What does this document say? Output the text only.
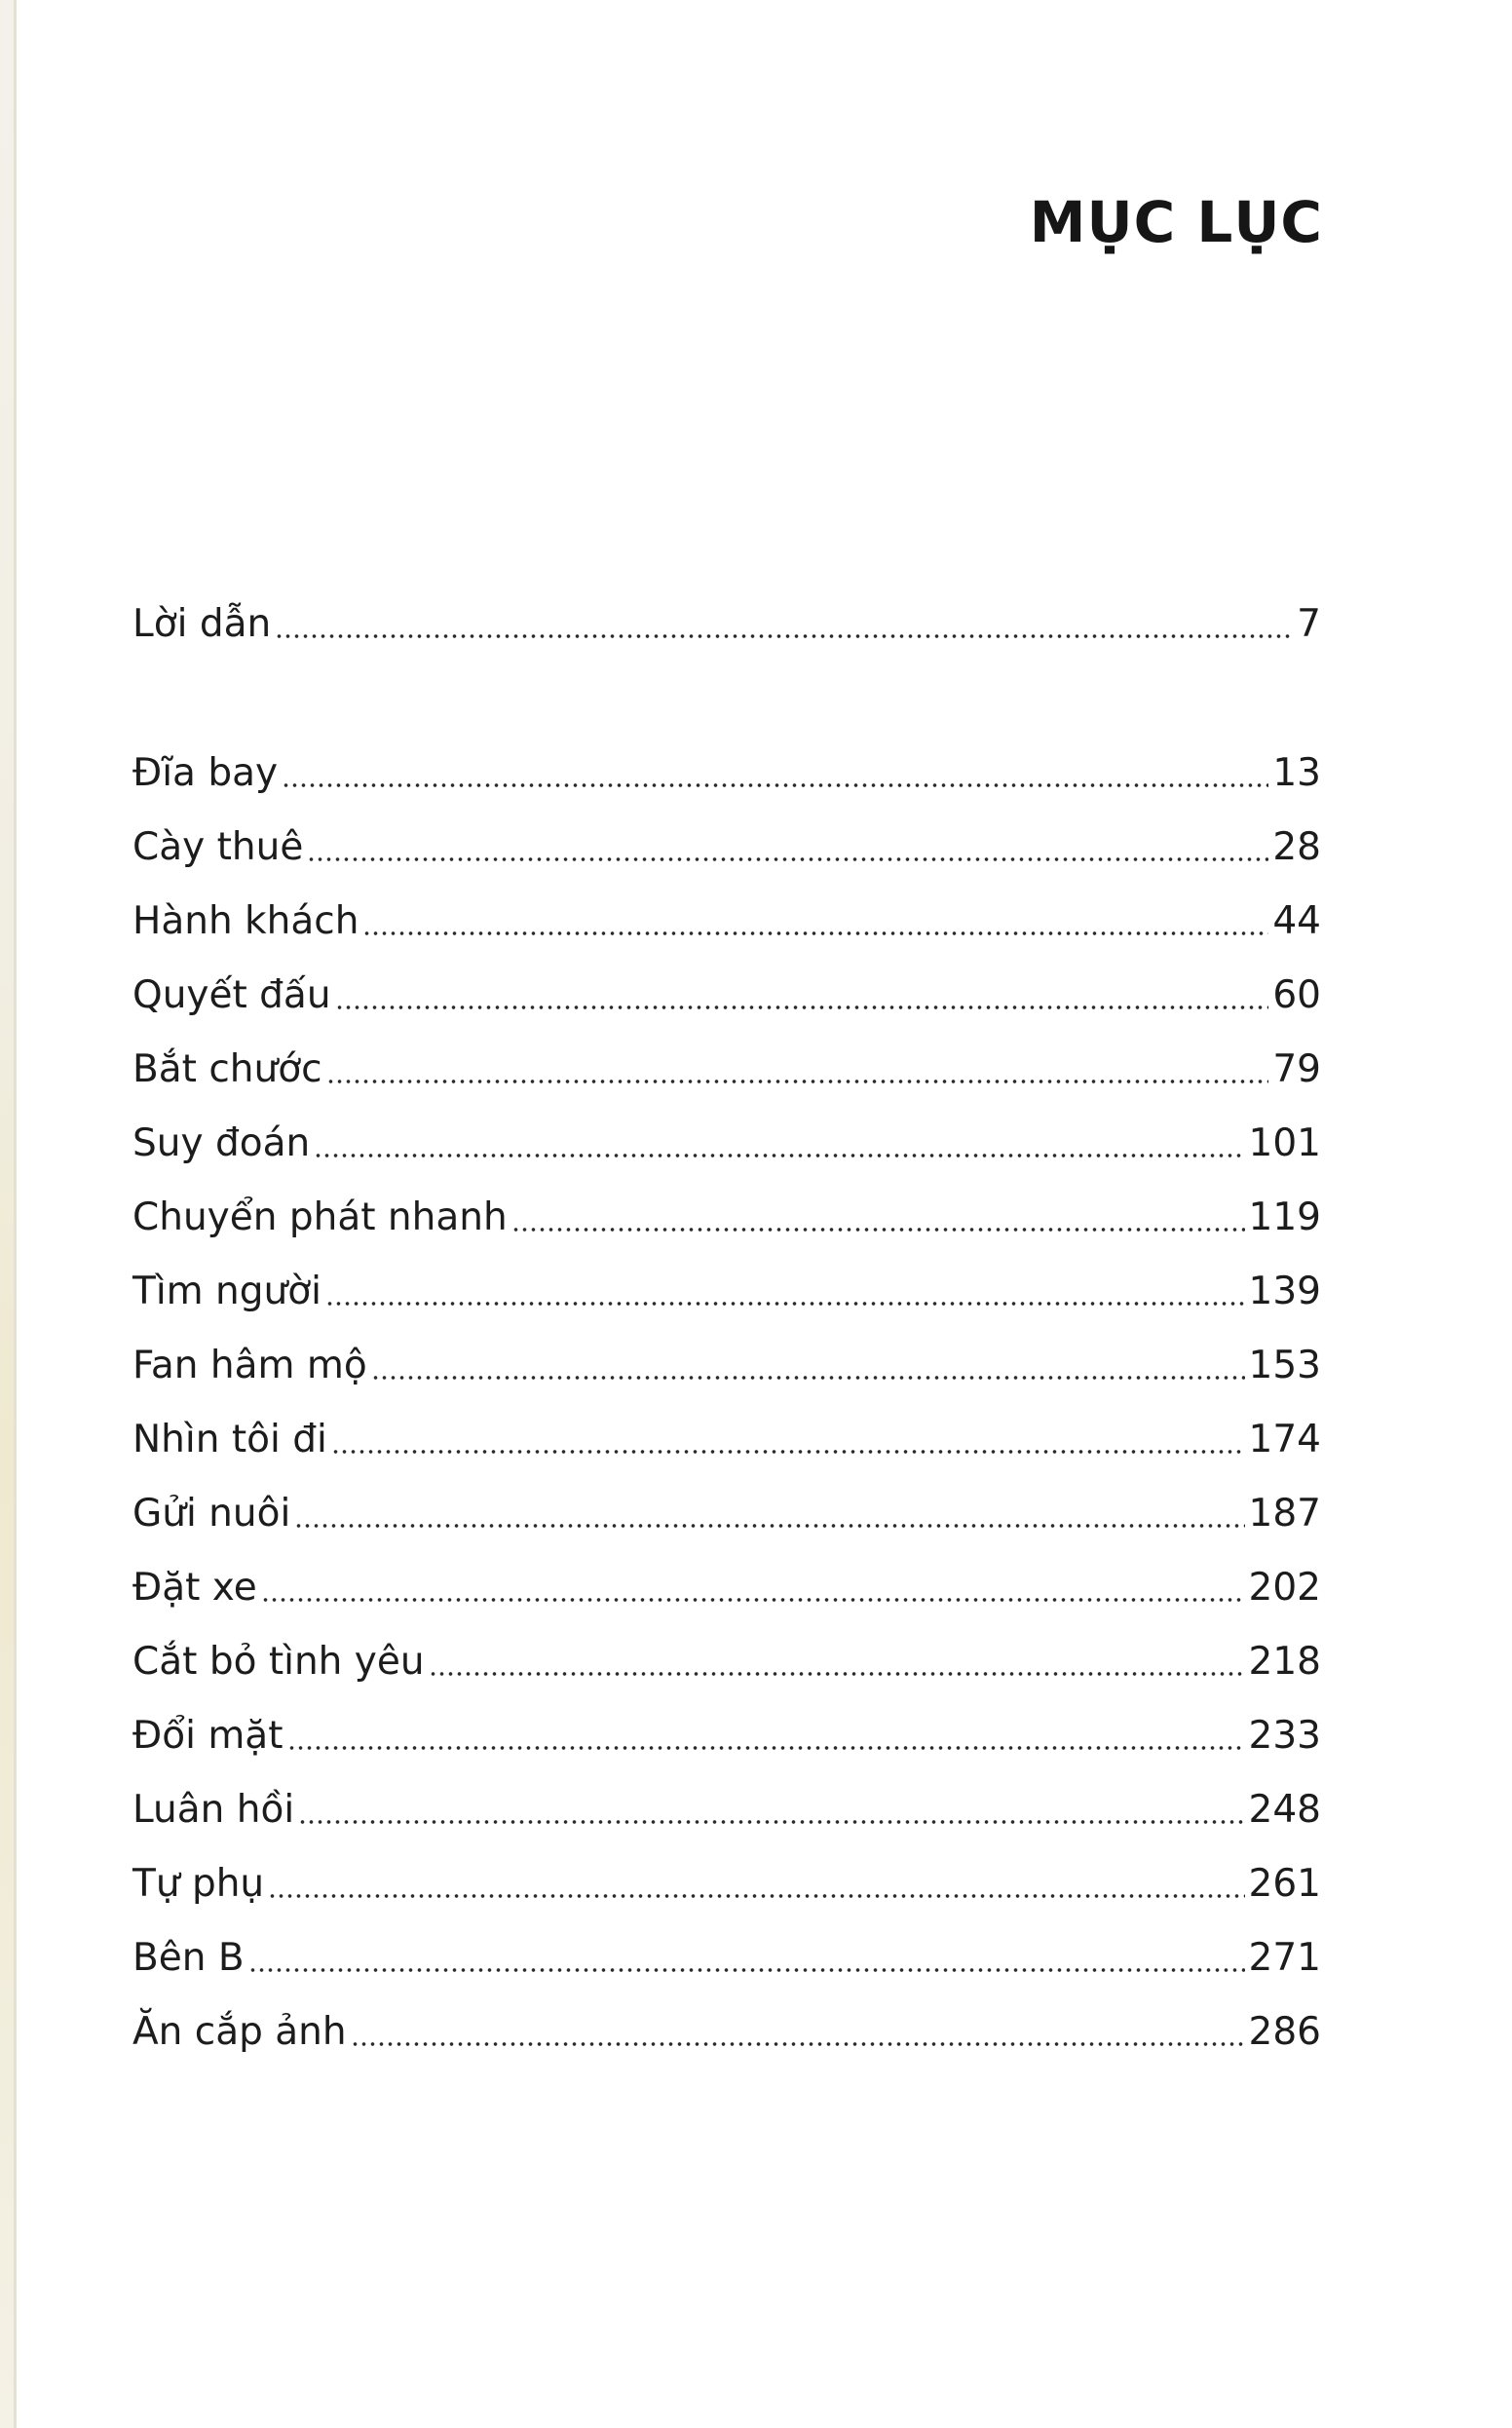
MỤC LỤC
Lời dẫn	7
Đĩa bay	13
Cày thuê	28
Hành khách	44
Quyết đấu	60
Bắt chước	79
Suy đoán	101
Chuyển phát nhanh	119
Tìm người	139
Fan hâm mộ	153
Nhìn tôi đi	174
Gửi nuôi	187
Đặt xe	202
Cắt bỏ tình yêu	218
Đổi mặt	233
Luân hồi	248
Tự phụ	261
Bên B	271
Ăn cắp ảnh	286
